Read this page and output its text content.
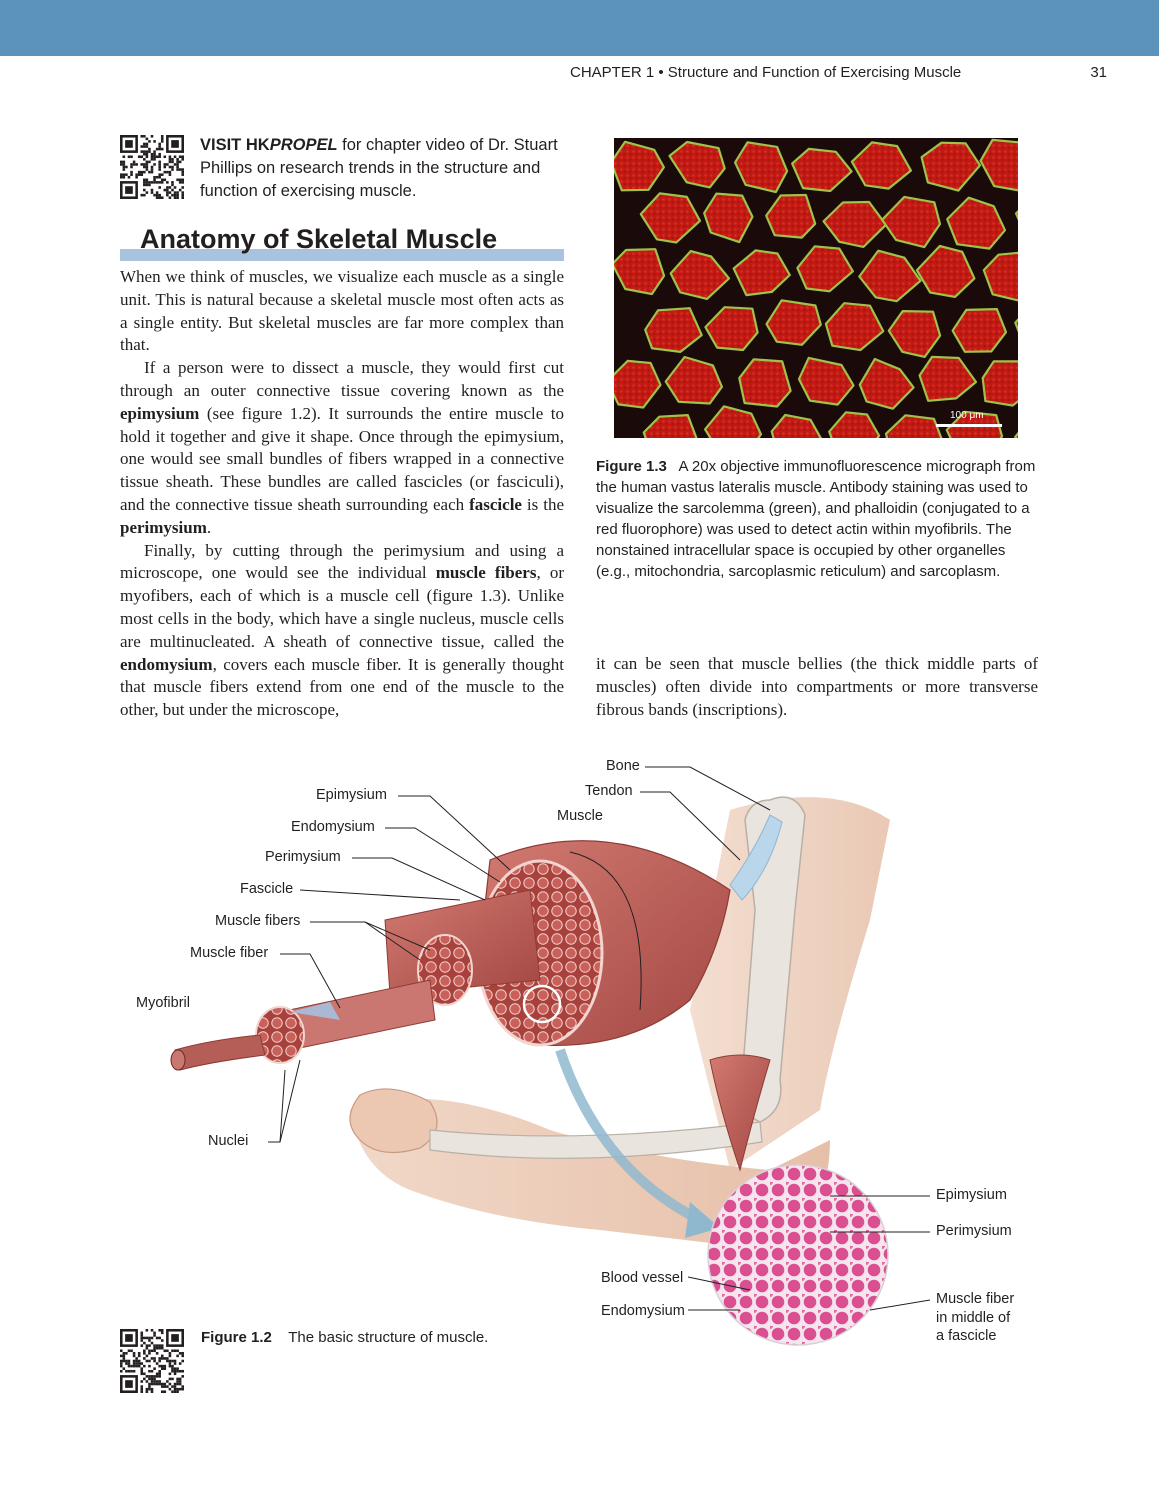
CHAPTER 1 • Structure and Function of Exercising Muscle	31
VISIT HKPROPEL for chapter video of Dr. Stuart Phillips on research trends in the structure and function of exercising muscle.
Anatomy of Skeletal Muscle

When we think of muscles, we visualize each muscle as a single unit. This is natural because a skeletal muscle most often acts as a single entity. But skeletal muscles are far more complex than that.

If a person were to dissect a muscle, they would first cut through an outer connective tissue covering known as the epimysium (see figure 1.2). It surrounds the entire muscle to hold it together and give it shape. Once through the epimysium, one would see small bundles of fibers wrapped in a connective tissue sheath. These bundles are called fascicles (or fasciculi), and the connective tissue sheath surrounding each fascicle is the perimysium.

Finally, by cutting through the perimysium and using a microscope, one would see the individual muscle fibers, or myofibers, each of which is a muscle cell (figure 1.3). Unlike most cells in the body, which have a single nucleus, muscle cells are multinucleated. A sheath of connective tissue, called the endomysium, covers each muscle fiber. It is generally thought that muscle fibers extend from one end of the muscle to the other, but under the microscope,

100 μm
Figure 1.3 A 20x objective immunofluorescence micrograph from the human vastus lateralis muscle. Antibody staining was used to visualize the sarcolemma (green), and phalloidin (conjugated to a red fluorophore) was used to detect actin within myofibrils. The nonstained intracellular space is occupied by other organelles (e.g., mitochondria, sarcoplasmic reticulum) and sarcoplasm.

it can be seen that muscle bellies (the thick middle parts of muscles) often divide into compartments or more transverse fibrous bands (inscriptions).

Epimysium
Endomysium
Perimysium
Fascicle
Muscle fibers
Muscle fiber
Myofibril
Nuclei
Bone
Tendon
Muscle
Epimysium
Perimysium
Blood vessel
Endomysium
Muscle fiber
in middle of
a fascicle
Figure 1.2 The basic structure of muscle.
